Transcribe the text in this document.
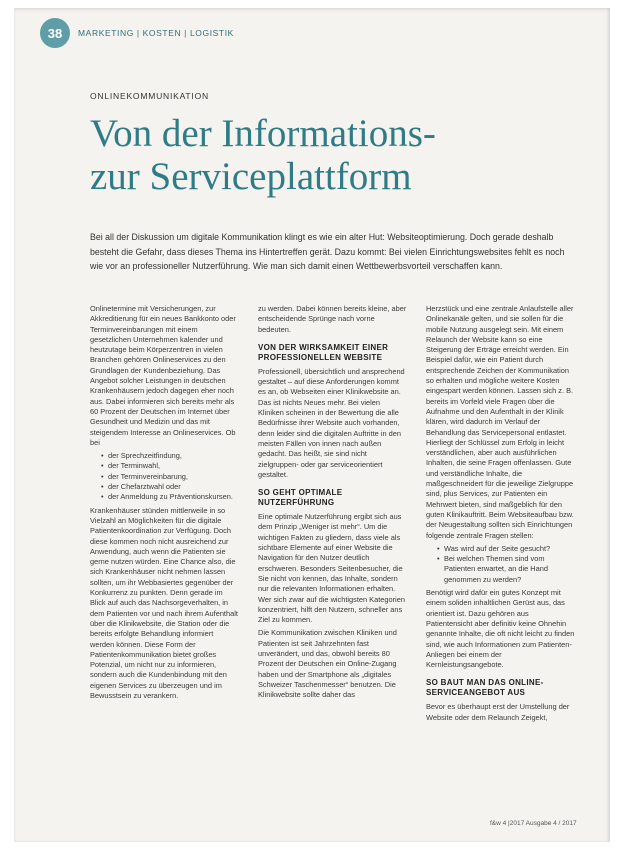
38	MARKETING | KOSTEN | LOGISTIK
ONLINEKOMMUNIKATION
Von der Informations-
zur Serviceplattform
Bei all der Diskussion um digitale Kommunikation klingt es wie ein alter Hut: Websiteoptimierung. Doch gerade deshalb besteht die Gefahr, dass dieses Thema ins Hintertreffen gerät. Dazu kommt: Bei vielen Einrichtungswebsites fehlt es noch wie vor an professioneller Nutzerführung. Wie man sich damit einen Wettbewerbsvorteil verschaffen kann.

Onlinetermine mit Versicherungen, zur Akkreditierung für ein neues Bankkonto oder Terminvereinbarungen mit einem gesetzlichen Unternehmen kalender und heutzutage beim Körperzentren in vielen Branchen gehören Onlineservices zu den Grundlagen der Kundenbeziehung. Das Angebot solcher Leistungen in deutschen Krankenhäusern jedoch dagegen eher noch aus. Dabei informieren sich bereits mehr als 60 Prozent der Deutschen im Internet über Gesundheit und Medizin und das mit steigendem Interesse an Onlineservices. Ob bei

• der Sprechzeitfindung,
• der Terminwahl,
• der Terminvereinbarung,
• der Chefarztwahl oder
• der Anmeldung zu Präventionskursen.

Krankenhäuser stünden mittlerweile in so Vielzahl an Möglichkeiten für die digitale Patientenkoordination zur Verfügung. Doch diese kommen noch nicht ausreichend zur Anwendung, auch wenn die Patienten sie gerne nutzen würden. Eine Chance also, die sich Krankenhäuser nicht nehmen lassen sollten, um ihr Webbasiertes gegenüber der Konkurrenz zu punkten. Denn gerade im Blick auf auch das Nachsorgeverhalten, in dem Patienten vor und nach ihrem Aufenthalt über die Klinikwebsite, die Station oder die bereits erfolgte Behandlung informiert werden können. Diese Form der Patientenkommunikation bietet großes Potenzial, um nicht nur zu informieren, sondern auch die Kundenbindung mit den eigenen Services zu überzeugen und im Bewusstsein zu verankern.

zu werden. Dabei können bereits kleine, aber entscheidende Sprünge nach vorne bedeuten.

VON DER WIRKSAMKEIT EINER PROFESSIONELLEN WEBSITE

Professionell, übersichtlich und ansprechend gestaltet – auf diese Anforderungen kommt es an, ob Webseiten einer Klinikwebsite an. Das ist nichts Neues mehr. Bei vielen Kliniken scheinen in der Bewertung die alle Bedürfnisse ihrer Website auch vorhanden, denn leider sind die digitalen Auftritte in den meisten Fällen von innen nach außen gedacht. Das heißt, sie sind nicht zielgruppen- oder gar serviceorientiert gestaltet.

SO GEHT OPTIMALE NUTZERFÜHRUNG

Eine optimale Nutzerführung ergibt sich aus dem Prinzip „Weniger ist mehr“. Um die wichtigen Fakten zu gliedern, dass viele als sichtbare Elemente auf einer Website die Navigation für den Nutzer deutlich erschweren. Besonders Seitenbesucher, die Sie nicht von kennen, das Inhalte, sondern nur die relevanten Informationen erhalten. Wer sich zwar auf die wichtigsten Kategorien konzentriert, hilft den Nutzern, schneller ans Ziel zu kommen.

Die Kommunikation zwischen Kliniken und Patienten ist seit Jahrzehnten fast unverändert, und das, obwohl bereits 80 Prozent der Deutschen ein Online-Zugang haben und der Smartphone als „digitales Schweizer Taschenmesser“ benutzen. Die Klinikwebsite sollte daher das

Herzstück und eine zentrale Anlaufstelle aller Onlinekanäle gelten, und sie sollen für die mobile Nutzung ausgelegt sein. Mit einem Relaunch der Website kann so eine Steigerung der Erträge erreicht werden. Ein Beispiel dafür, wie ein Patient durch entsprechende Zeichen der Kommunikation so erhalten und mögliche weitere Kosten eingespart werden können. Lassen sich z. B. bereits im Vorfeld viele Fragen über die Aufnahme und den Aufenthalt in der Klinik klären, wird dadurch im Verlauf der Behandlung das Servicepersonal entlastet. Hierliegt der Schlüssel zum Erfolg in leicht verständlichen, aber auch ausführlichen Inhalten, die seine Fragen offenlassen. Gute und verständliche Inhalte, die maßgeschneidert für die jeweilige Zielgruppe sind, plus Services, zur Patienten ein Mehrwert bieten, sind maßgeblich für den guten Klinikauftritt. Beim Websiteaufbau bzw. der Neugestaltung sollten sich Einrichtungen folgende zentrale Fragen stellen:

• Was wird auf der Seite gesucht?
• Bei welchen Themen sind vom Patienten erwartet, an die Hand genommen zu werden?

Benötigt wird dafür ein gutes Konzept mit einem soliden inhaltlichen Gerüst aus, das orientiert ist. Dazu gehören aus Patientensicht aber definitiv keine Ohnehin genannte Inhalte, die oft nicht leicht zu finden sind, wie auch Informationen zum Patienten-Anliegen bei einem der Kernleistungsangebote.

SO BAUT MAN DAS ONLINE-SERVICEANGEBOT AUS

Bevor es überhaupt erst der Umstellung der Website oder dem Relaunch Zeigekt,

f&w 4 |2017 Ausgabe 4 / 2017
